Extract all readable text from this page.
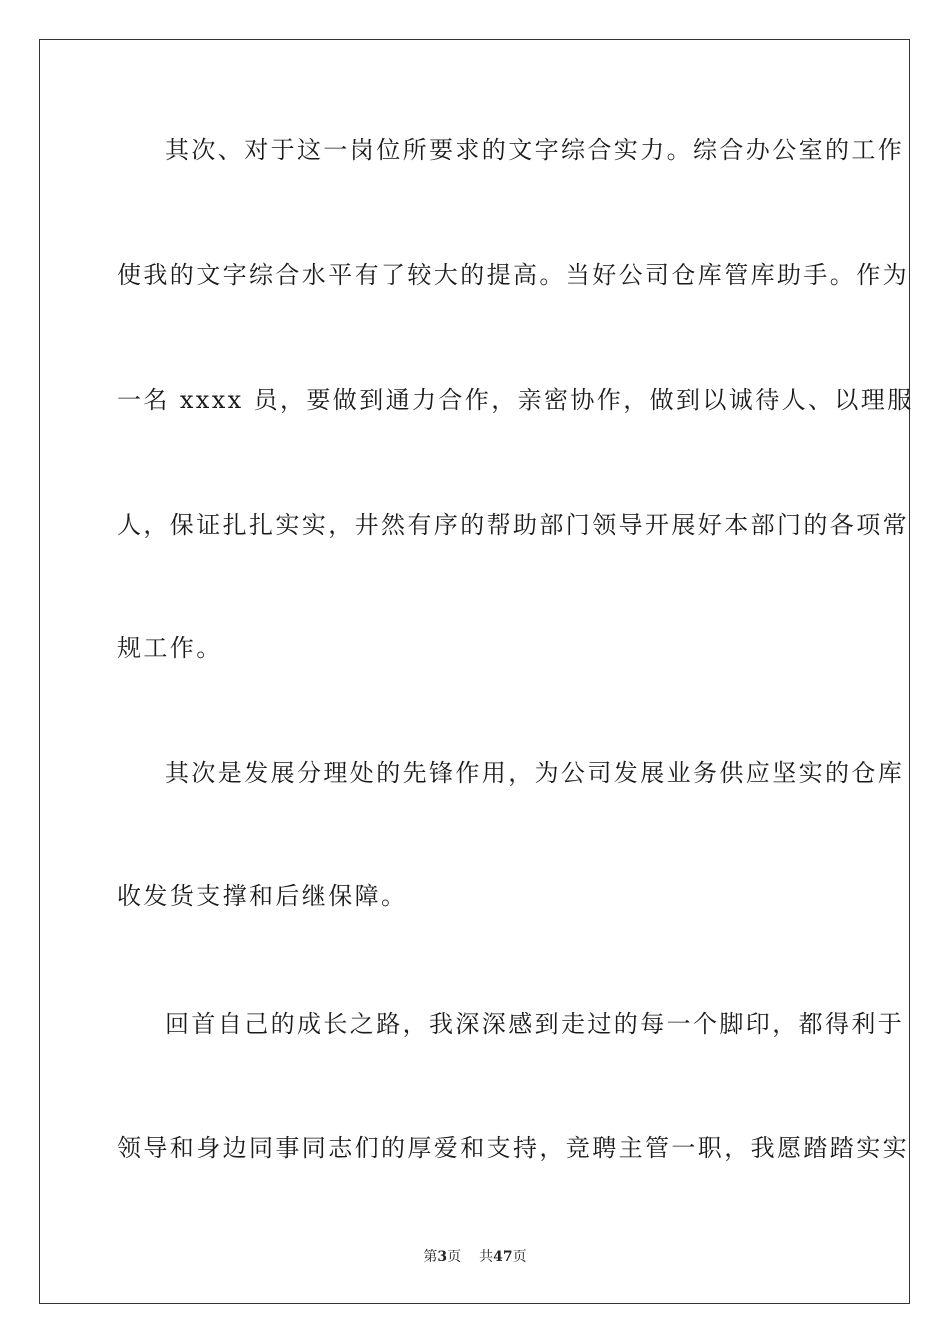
其次、对于这一岗位所要求的文字综合实力。综合办公室的工作
使我的文字综合水平有了较大的提高。当好公司仓库管库助手。作为
一名 xxxx 员，要做到通力合作，亲密协作，做到以诚待人、以理服
人，保证扎扎实实，井然有序的帮助部门领导开展好本部门的各项常
规工作。
其次是发展分理处的先锋作用，为公司发展业务供应坚实的仓库
收发货支撑和后继保障。
回首自己的成长之路，我深深感到走过的每一个脚印，都得利于
领导和身边同事同志们的厚爱和支持，竞聘主管一职，我愿踏踏实实
第3页 共47页
